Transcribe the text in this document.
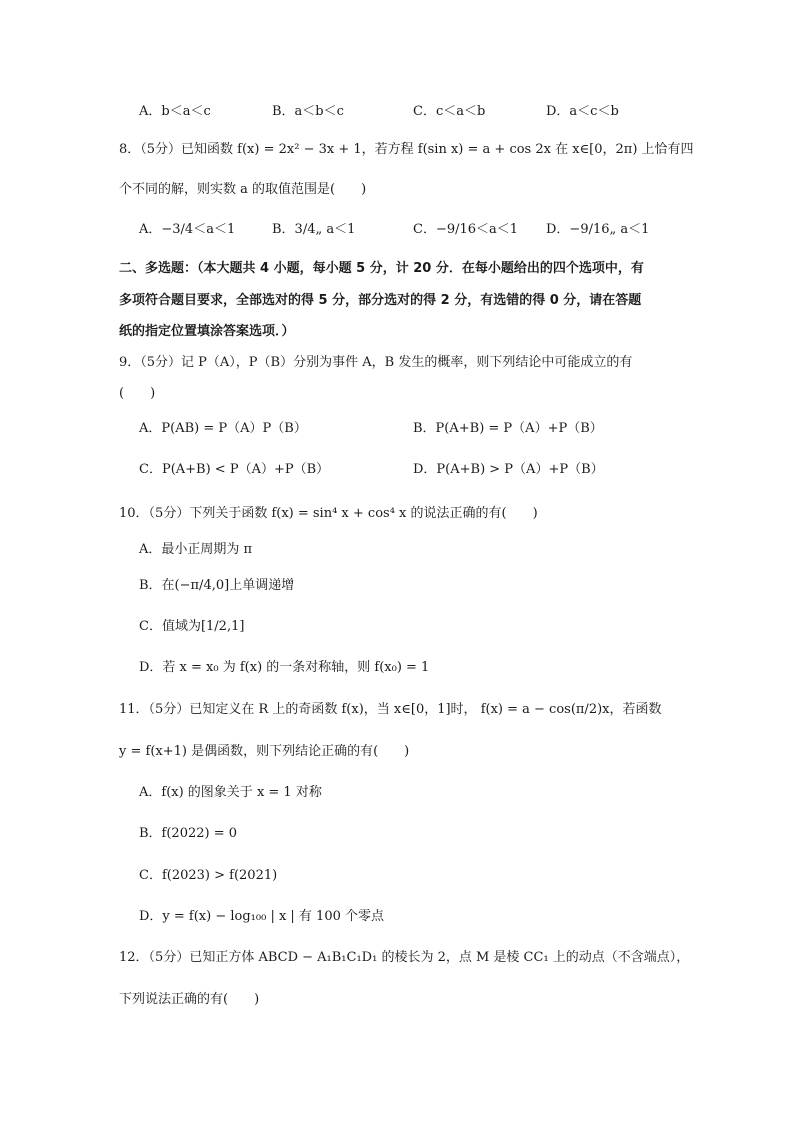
A．b＜a＜c	B．a＜b＜c	C．c＜a＜b	D．a＜c＜b
8．（5分）已知函数 f(x) = 2x² − 3x + 1，若方程 f(sin x) = a + cos 2x 在 x∈[0，2π) 上恰有四
个不同的解，则实数 a 的取值范围是(　　)
A．−3/4＜a＜1	B．3/4„ a＜1	C．−9/16＜a＜1 D．−9/16„ a＜1
二、多选题：（本大题共 4 小题，每小题 5 分，计 20 分．在每小题给出的四个选项中，有
多项符合题目要求，全部选对的得 5 分，部分选对的得 2 分，有选错的得 0 分，请在答题
纸的指定位置填涂答案选项．）
9．（5分）记 P（A），P（B）分别为事件 A，B 发生的概率，则下列结论中可能成立的有
(　　)
A．P(AB) = P（A）P（B）	B．P(A+B) = P（A）+P（B）
C．P(A+B) < P（A）+P（B）	D．P(A+B) > P（A）+P（B）
10．（5分）下列关于函数 f(x) = sin⁴ x + cos⁴ x 的说法正确的有(　　)
A．最小正周期为 π
B．在(−π/4,0]上单调递增
C．值域为[1/2,1]
D．若 x = x₀ 为 f(x) 的一条对称轴，则 f(x₀) = 1
11．（5分）已知定义在 R 上的奇函数 f(x)，当 x∈[0，1]时， f(x) = a − cos(π/2)x，若函数
y = f(x+1) 是偶函数，则下列结论正确的有(　　)
A．f(x) 的图象关于 x = 1 对称
B．f(2022) = 0
C．f(2023) > f(2021)
D．y = f(x) − log₁₀₀ | x | 有 100 个零点
12．（5分）已知正方体 ABCD − A₁B₁C₁D₁ 的棱长为 2，点 M 是棱 CC₁ 上的动点（不含端点），
下列说法正确的有(　　)
